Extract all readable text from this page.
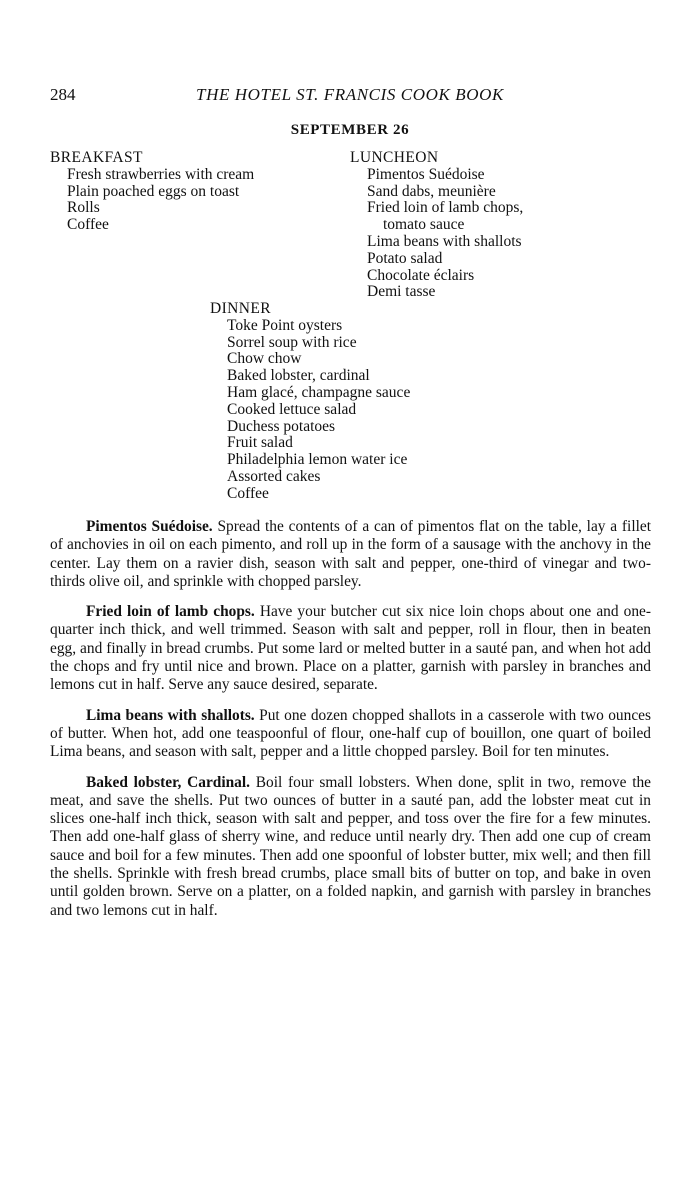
284	THE HOTEL ST. FRANCIS COOK BOOK
SEPTEMBER 26
BREAKFAST
Fresh strawberries with cream
Plain poached eggs on toast
Rolls
Coffee
LUNCHEON
Pimentos Suédoise
Sand dabs, meunière
Fried loin of lamb chops,
tomato sauce
Lima beans with shallots
Potato salad
Chocolate éclairs
Demi tasse
DINNER
Toke Point oysters
Sorrel soup with rice
Chow chow
Baked lobster, cardinal
Ham glacé, champagne sauce
Cooked lettuce salad
Duchess potatoes
Fruit salad
Philadelphia lemon water ice
Assorted cakes
Coffee

Pimentos Suédoise. Spread the contents of a can of pimentos flat on the table, lay a fillet of anchovies in oil on each pimento, and roll up in the form of a sausage with the anchovy in the center. Lay them on a ravier dish, season with salt and pepper, one-third of vinegar and two-thirds olive oil, and sprinkle with chopped parsley.

Fried loin of lamb chops. Have your butcher cut six nice loin chops about one and one-quarter inch thick, and well trimmed. Season with salt and pepper, roll in flour, then in beaten egg, and finally in bread crumbs. Put some lard or melted butter in a sauté pan, and when hot add the chops and fry until nice and brown. Place on a platter, garnish with parsley in branches and lemons cut in half. Serve any sauce desired, separate.

Lima beans with shallots. Put one dozen chopped shallots in a casserole with two ounces of butter. When hot, add one teaspoonful of flour, one-half cup of bouillon, one quart of boiled Lima beans, and season with salt, pepper and a little chopped parsley. Boil for ten minutes.

Baked lobster, Cardinal. Boil four small lobsters. When done, split in two, remove the meat, and save the shells. Put two ounces of butter in a sauté pan, add the lobster meat cut in slices one-half inch thick, season with salt and pepper, and toss over the fire for a few minutes. Then add one-half glass of sherry wine, and reduce until nearly dry. Then add one cup of cream sauce and boil for a few minutes. Then add one spoonful of lobster butter, mix well; and then fill the shells. Sprinkle with fresh bread crumbs, place small bits of butter on top, and bake in oven until golden brown. Serve on a platter, on a folded napkin, and garnish with parsley in branches and two lemons cut in half.
